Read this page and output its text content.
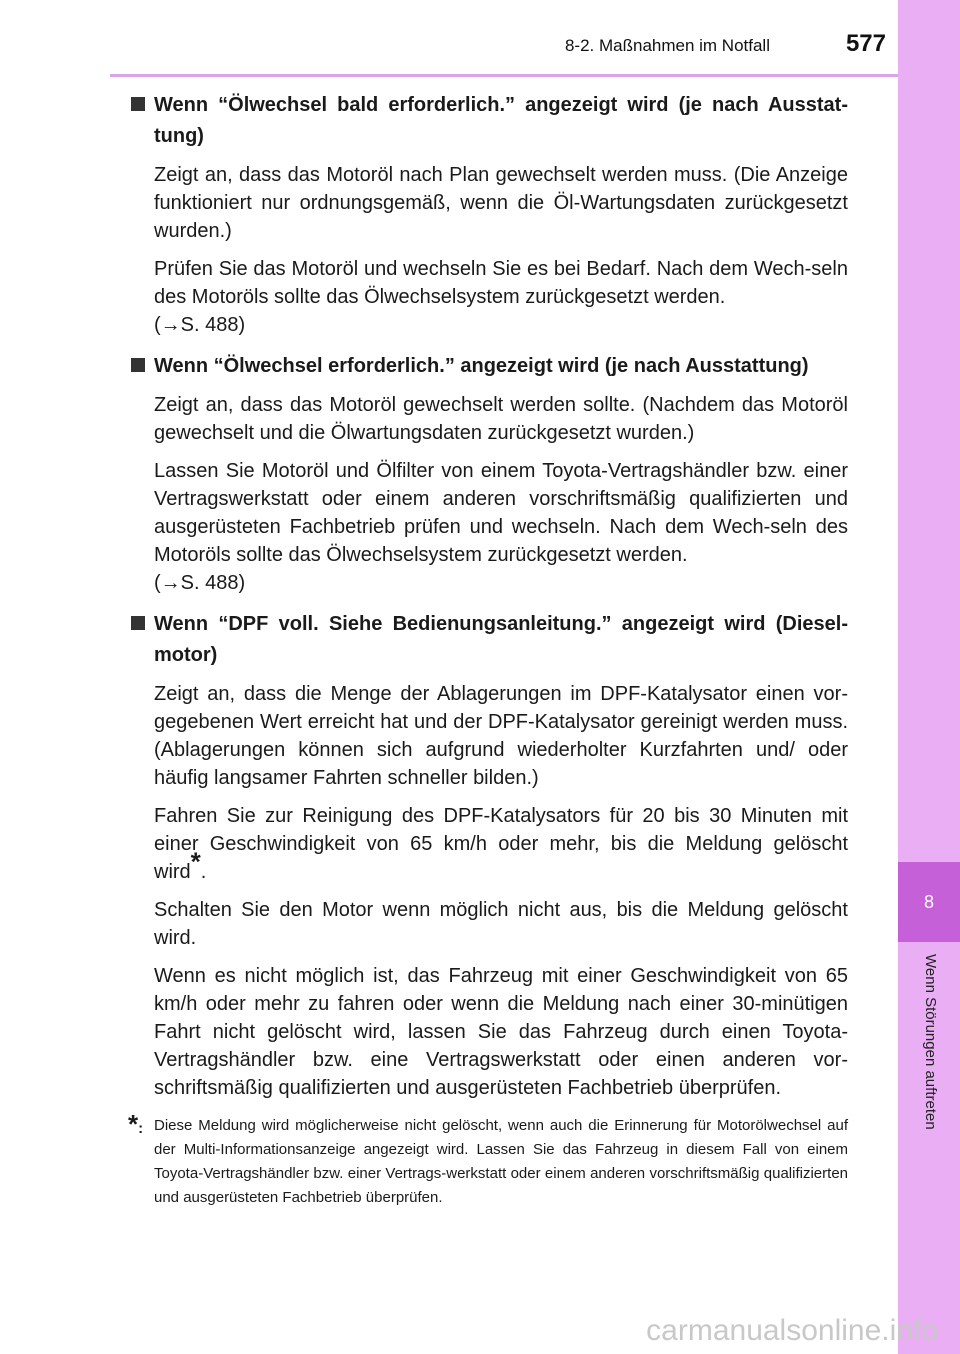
8-2. Maßnahmen im Notfall	577
8
Wenn Störungen auftreten
Wenn “Ölwechsel bald erforderlich.” angezeigt wird (je nach Ausstat-tung)

Zeigt an, dass das Motoröl nach Plan gewechselt werden muss. (Die Anzeige funktioniert nur ordnungsgemäß, wenn die Öl-Wartungsdaten zurückgesetzt wurden.)

Prüfen Sie das Motoröl und wechseln Sie es bei Bedarf. Nach dem Wech-seln des Motoröls sollte das Ölwechselsystem zurückgesetzt werden.
(→S. 488)

Wenn “Ölwechsel erforderlich.” angezeigt wird (je nach Ausstattung)

Zeigt an, dass das Motoröl gewechselt werden sollte. (Nachdem das Motoröl gewechselt und die Ölwartungsdaten zurückgesetzt wurden.)

Lassen Sie Motoröl und Ölfilter von einem Toyota-Vertragshändler bzw. einer Vertragswerkstatt oder einem anderen vorschriftsmäßig qualifizierten und ausgerüsteten Fachbetrieb prüfen und wechseln. Nach dem Wech-seln des Motoröls sollte das Ölwechselsystem zurückgesetzt werden.
(→S. 488)

Wenn “DPF voll. Siehe Bedienungsanleitung.” angezeigt wird (Diesel-motor)

Zeigt an, dass die Menge der Ablagerungen im DPF-Katalysator einen vor-gegebenen Wert erreicht hat und der DPF-Katalysator gereinigt werden muss. (Ablagerungen können sich aufgrund wiederholter Kurzfahrten und/ oder häufig langsamer Fahrten schneller bilden.)

Fahren Sie zur Reinigung des DPF-Katalysators für 20 bis 30 Minuten mit einer Geschwindigkeit von 65 km/h oder mehr, bis die Meldung gelöscht wird*.

Schalten Sie den Motor wenn möglich nicht aus, bis die Meldung gelöscht wird.

Wenn es nicht möglich ist, das Fahrzeug mit einer Geschwindigkeit von 65 km/h oder mehr zu fahren oder wenn die Meldung nach einer 30-minütigen Fahrt nicht gelöscht wird, lassen Sie das Fahrzeug durch einen Toyota-Vertragshändler bzw. eine Vertragswerkstatt oder einen anderen vor-schriftsmäßig qualifizierten und ausgerüsteten Fachbetrieb überprüfen.

*: Diese Meldung wird möglicherweise nicht gelöscht, wenn auch die Erinnerung für Motorölwechsel auf der Multi-Informationsanzeige angezeigt wird. Lassen Sie das Fahrzeug in diesem Fall von einem Toyota-Vertragshändler bzw. einer Vertrags-werkstatt oder einem anderen vorschriftsmäßig qualifizierten und ausgerüsteten Fachbetrieb überprüfen.
carmanualsonline.info
